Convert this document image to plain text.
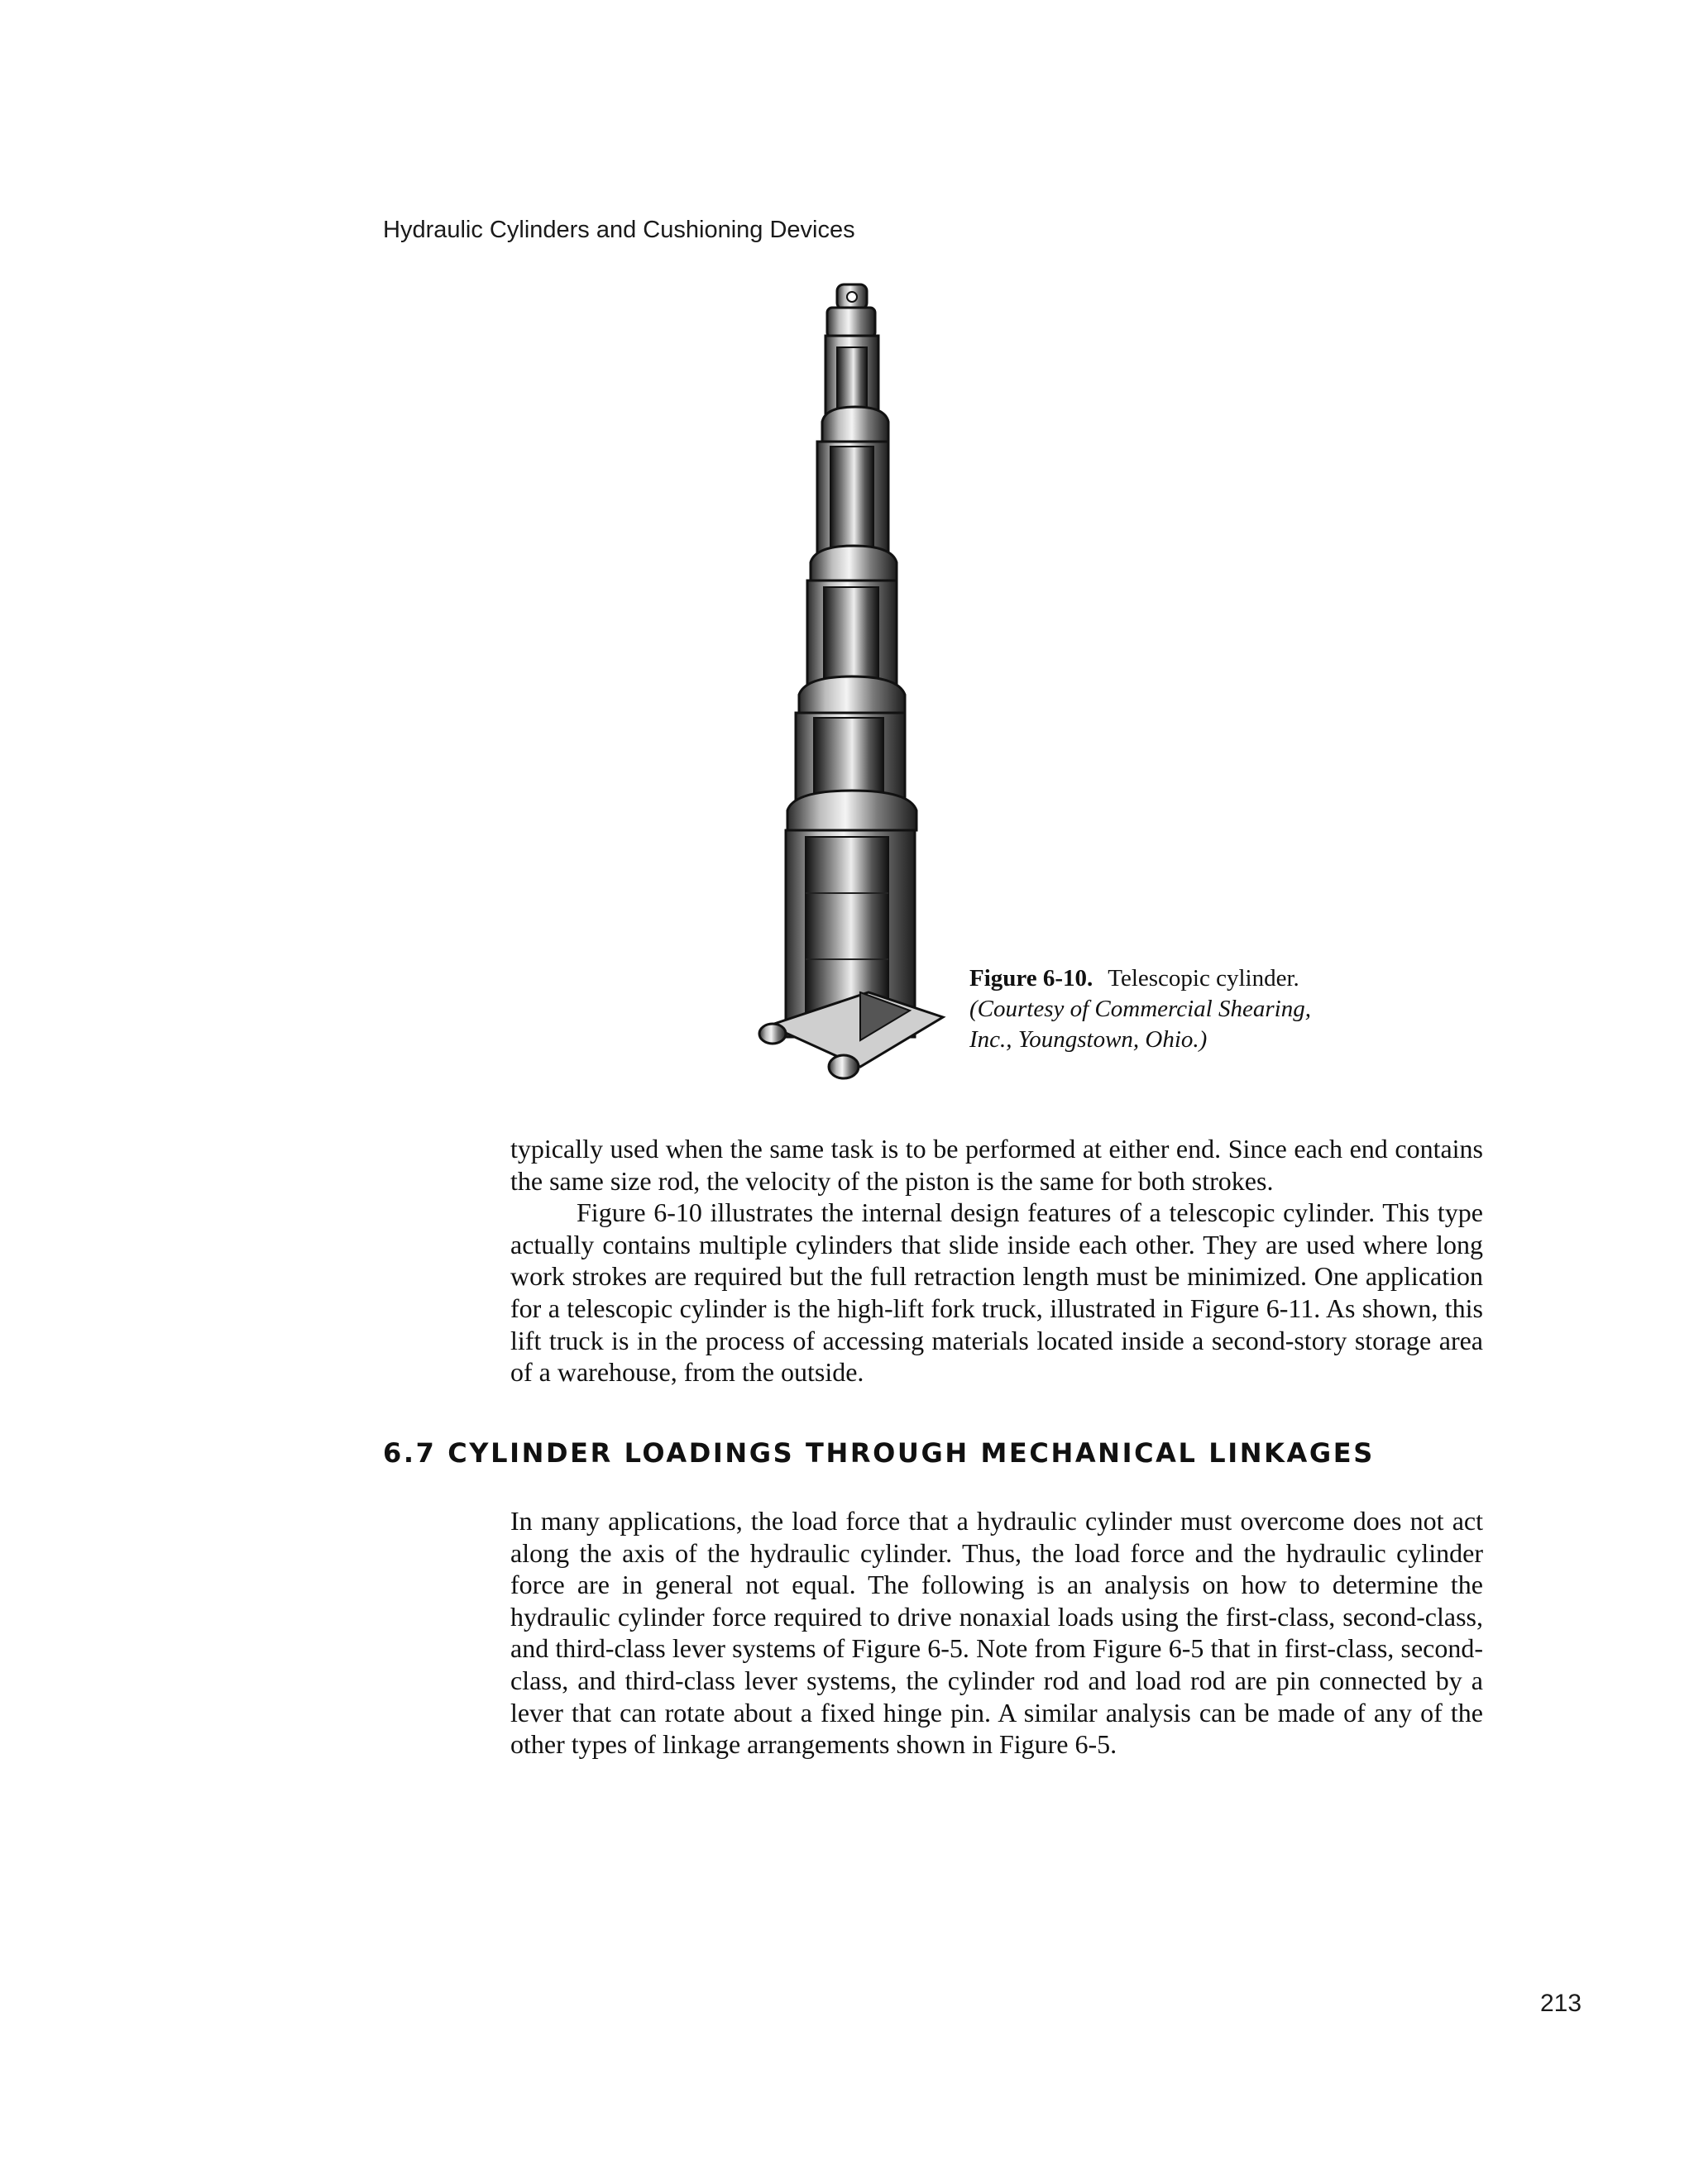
Hydraulic Cylinders and Cushioning Devices
Figure 6-10. Telescopic cylinder.
(Courtesy of Commercial Shearing, Inc., Youngstown, Ohio.)

typically used when the same task is to be performed at either end. Since each end contains the same size rod, the velocity of the piston is the same for both strokes.

Figure 6-10 illustrates the internal design features of a telescopic cylinder. This type actually contains multiple cylinders that slide inside each other. They are used where long work strokes are required but the full retraction length must be minimized. One application for a telescopic cylinder is the high-lift fork truck, illustrated in Figure 6-11. As shown, this lift truck is in the process of accessing materials located inside a second-story storage area of a warehouse, from the outside.

6.7 CYLINDER LOADINGS THROUGH MECHANICAL LINKAGES

In many applications, the load force that a hydraulic cylinder must overcome does not act along the axis of the hydraulic cylinder. Thus, the load force and the hydraulic cylinder force are in general not equal. The following is an analysis on how to determine the hydraulic cylinder force required to drive nonaxial loads using the first-class, second-class, and third-class lever systems of Figure 6-5. Note from Figure 6-5 that in first-class, second-class, and third-class lever systems, the cylinder rod and load rod are pin connected by a lever that can rotate about a fixed hinge pin. A similar analysis can be made of any of the other types of linkage arrangements shown in Figure 6-5.

213
